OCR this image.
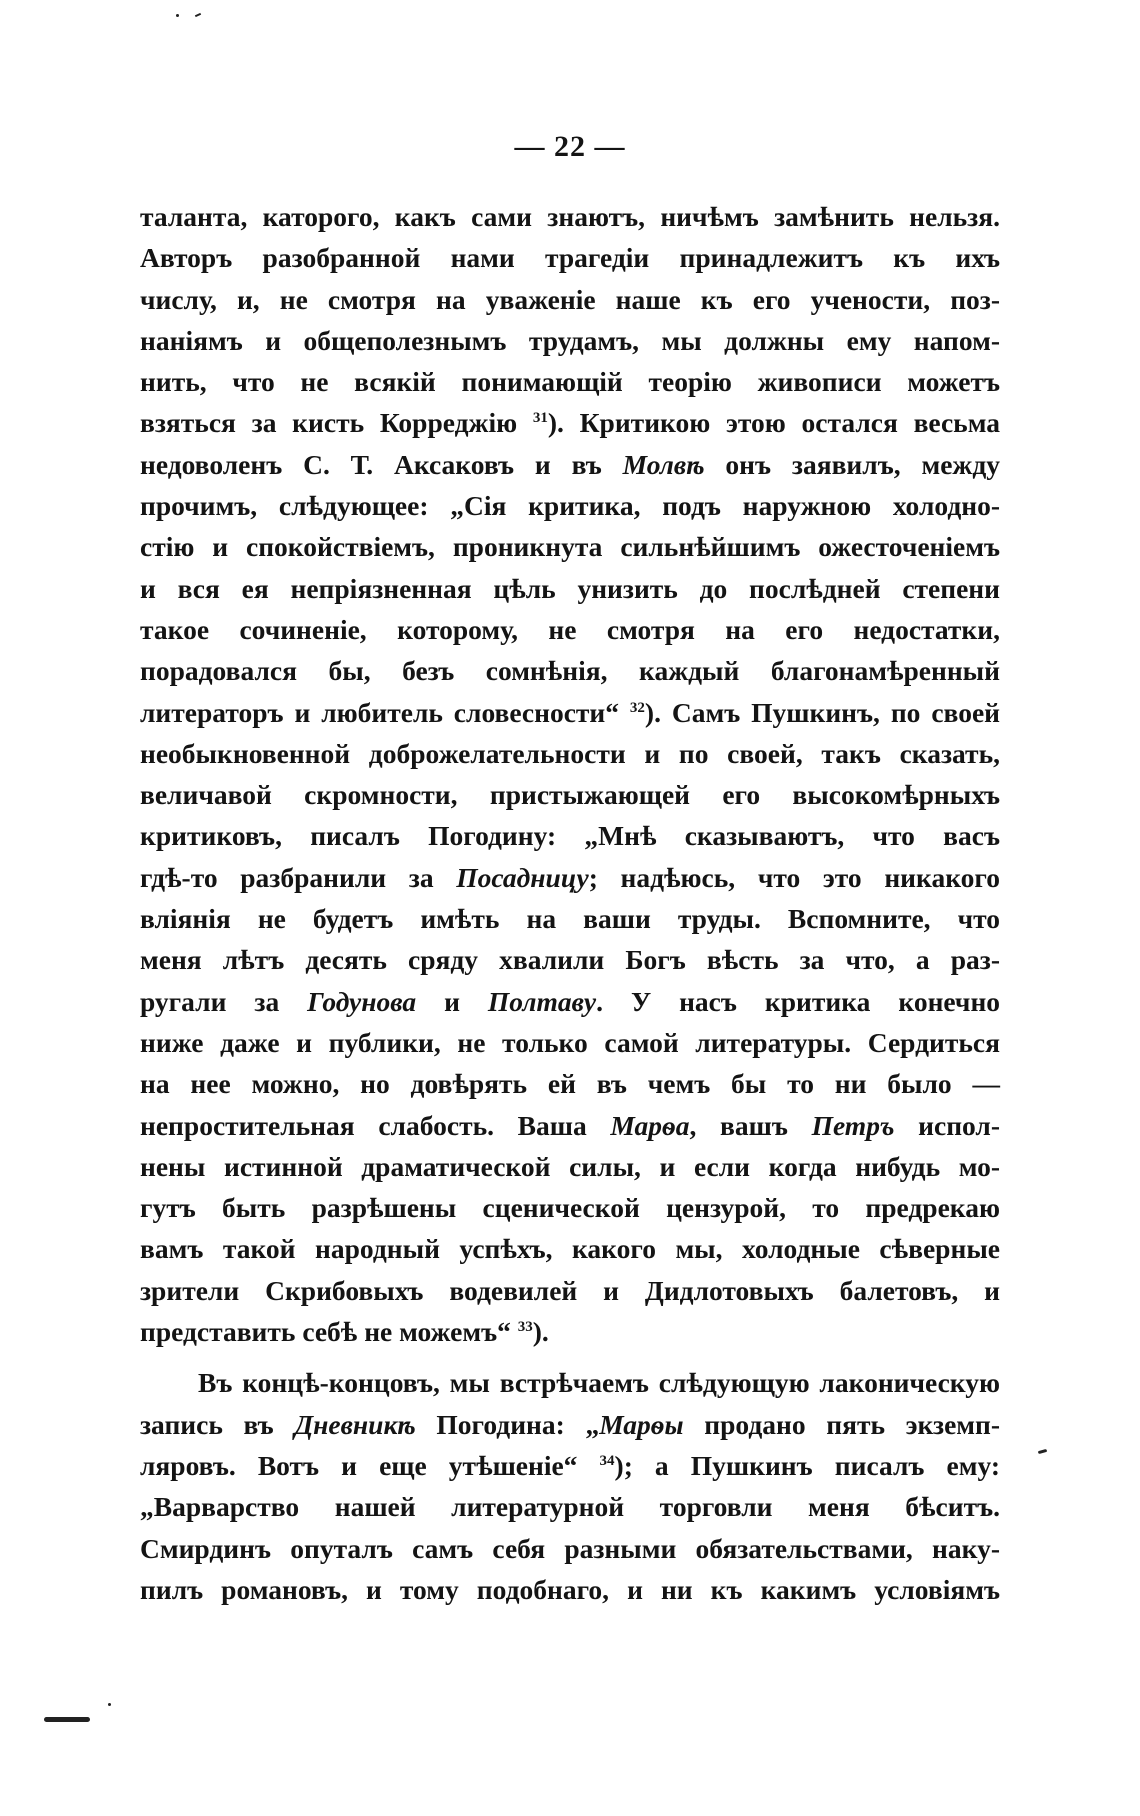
— 22 —
таланта, каторого, какъ сами знаютъ, ничѣмъ замѣнить нельзя.
Авторъ разобранной нами трагедіи принадлежитъ къ ихъ
числу, и, не смотря на уваженіе наше къ его учености, поз-
наніямъ и общеполезнымъ трудамъ, мы должны ему напом-
нить, что не всякій понимающій теорію живописи можетъ
взяться за кисть Корреджію $^{31}$). Критикою этою остался весьма
недоволенъ С. Т. Аксаковъ и въ Молвѣ онъ заявилъ, между
прочимъ, слѣдующее: „Сія критика, подъ наружною холодно-
стію и спокойствіемъ, проникнута сильнѣйшимъ ожесточеніемъ
и вся ея непріязненная цѣль унизить до послѣдней степени
такое сочиненіе, которому, не смотря на его недостатки,
порадовался бы, безъ сомнѣнія, каждый благонамѣренный
литераторъ и любитель словесности“ $^{32}$). Самъ Пушкинъ, по своей
необыкновенной доброжелательности и по своей, такъ сказать,
величавой скромности, пристыжающей его высокомѣрныхъ
критиковъ, писалъ Погодину: „Мнѣ сказываютъ, что васъ
гдѣ-то разбранили за Посадницу; надѣюсь, что это никакого
вліянія не будетъ имѣть на ваши труды. Вспомните, что
меня лѣтъ десять сряду хвалили Богъ вѣсть за что, а раз-
ругали за Годунова и Полтаву. У насъ критика конечно
ниже даже и публики, не только самой литературы. Сердиться
на нее можно, но довѣрять ей въ чемъ бы то ни было —
непростительная слабость. Ваша Марѳа, вашъ Петръ испол-
нены истинной драматической силы, и если когда нибудь мо-
гутъ быть разрѣшены сценической цензурой, то предрекаю
вамъ такой народный успѣхъ, какого мы, холодные сѣверные
зрители Скрибовыхъ водевилей и Дидлотовыхъ балетовъ, и
представить себѣ не можемъ“ $^{33}$).
Въ концѣ-концовъ, мы встрѣчаемъ слѣдующую лаконическую
запись въ Дневникѣ Погодина: „Марѳы продано пять экземп-
ляровъ. Вотъ и еще утѣшеніе“ $^{34}$); а Пушкинъ писалъ ему:
„Варварство нашей литературной торговли меня бѣситъ.
Смирдинъ опуталъ самъ себя разными обязательствами, наку-
пилъ романовъ, и тому подобнаго, и ни къ какимъ условіямъ
